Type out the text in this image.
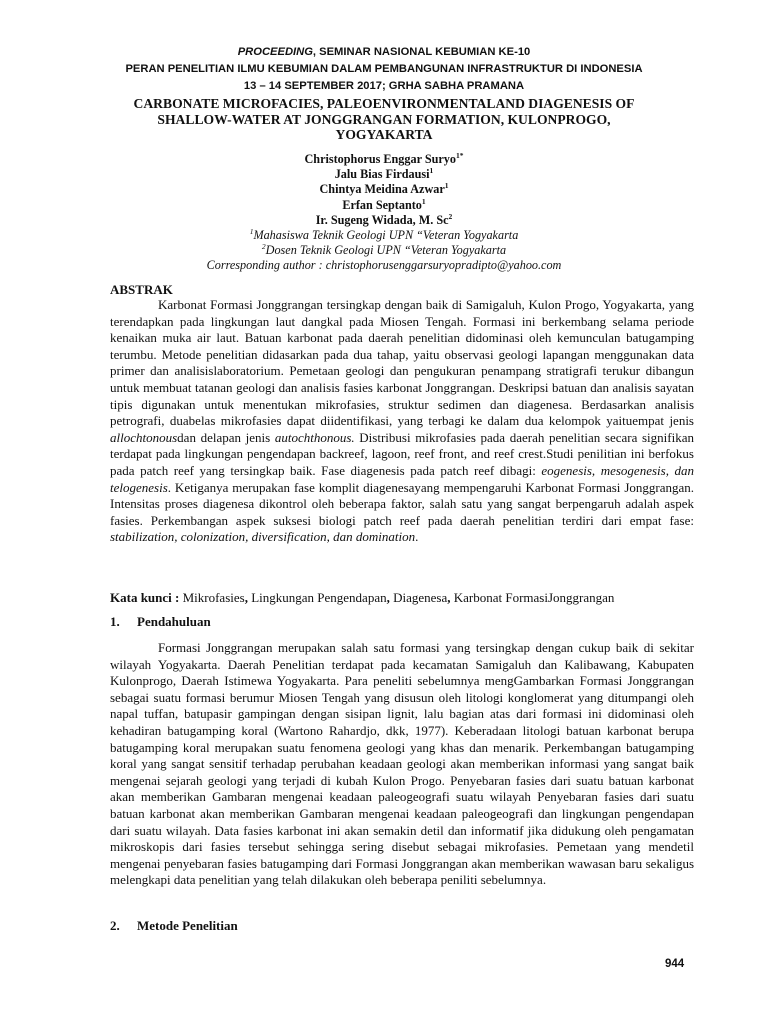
PROCEEDING, SEMINAR NASIONAL KEBUMIAN KE-10
PERAN PENELITIAN ILMU KEBUMIAN DALAM PEMBANGUNAN INFRASTRUKTUR DI INDONESIA
13 – 14 SEPTEMBER 2017; GRHA SABHA PRAMANA
CARBONATE MICROFACIES, PALEOENVIRONMENTALAND DIAGENESIS OF
SHALLOW-WATER AT JONGGRANGAN FORMATION, KULONPROGO,
YOGYAKARTA
Christophorus Enggar Suryo$^{1*}$
Jalu Bias Firdausi$^1$
Chintya Meidina Azwar$^1$
Erfan Septanto$^1$
Ir. Sugeng Widada, M. Sc$^2$
$^1$Mahasiswa Teknik Geologi UPN “Veteran Yogyakarta
$^2$Dosen Teknik Geologi UPN “Veteran Yogyakarta
Corresponding author : christophorusenggarsuryopradipto@yahoo.com
ABSTRAK

Karbonat Formasi Jonggrangan tersingkap dengan baik di Samigaluh, Kulon Progo, Yogyakarta, yang terendapkan pada lingkungan laut dangkal pada Miosen Tengah. Formasi ini berkembang selama periode kenaikan muka air laut. Batuan karbonat pada daerah penelitian didominasi oleh kemunculan batugamping terumbu. Metode penelitian didasarkan pada dua tahap, yaitu observasi geologi lapangan menggunakan data primer dan analisislaboratorium. Pemetaan geologi dan pengukuran penampang stratigrafi terukur dibangun untuk membuat tatanan geologi dan analisis fasies karbonat Jonggrangan. Deskripsi batuan dan analisis sayatan tipis digunakan untuk menentukan mikrofasies, struktur sedimen dan diagenesa. Berdasarkan analisis petrografi, duabelas mikrofasies dapat diidentifikasi, yang terbagi ke dalam dua kelompok yaituempat jenis allochtonousdan delapan jenis autochthonous. Distribusi mikrofasies pada daerah penelitian secara signifikan terdapat pada lingkungan pengendapan backreef, lagoon, reef front, and reef crest.Studi penilitian ini berfokus pada patch reef yang tersingkap baik. Fase diagenesis pada patch reef dibagi: eogenesis, mesogenesis, dan telogenesis. Ketiganya merupakan fase komplit diagenesayang mempengaruhi Karbonat Formasi Jonggrangan. Intensitas proses diagenesa dikontrol oleh beberapa faktor, salah satu yang sangat berpengaruh adalah aspek fasies. Perkembangan aspek suksesi biologi patch reef pada daerah penelitian terdiri dari empat fase: stabilization, colonization, diversification, dan domination.

Kata kunci : Mikrofasies, Lingkungan Pengendapan, Diagenesa, Karbonat FormasiJonggrangan
1. Pendahuluan

Formasi Jonggrangan merupakan salah satu formasi yang tersingkap dengan cukup baik di sekitar wilayah Yogyakarta. Daerah Penelitian terdapat pada kecamatan Samigaluh dan Kalibawang, Kabupaten Kulonprogo, Daerah Istimewa Yogyakarta. Para peneliti sebelumnya mengGambarkan Formasi Jonggrangan sebagai suatu formasi berumur Miosen Tengah yang disusun oleh litologi konglomerat yang ditumpangi oleh napal tuffan, batupasir gampingan dengan sisipan lignit, lalu bagian atas dari formasi ini didominasi oleh kehadiran batugamping koral (Wartono Rahardjo, dkk, 1977). Keberadaan litologi batuan karbonat berupa batugamping koral merupakan suatu fenomena geologi yang khas dan menarik. Perkembangan batugamping koral yang sangat sensitif terhadap perubahan keadaan geologi akan memberikan informasi yang sangat baik mengenai sejarah geologi yang terjadi di kubah Kulon Progo. Penyebaran fasies dari suatu batuan karbonat akan memberikan Gambaran mengenai keadaan paleogeografi suatu wilayah Penyebaran fasies dari suatu batuan karbonat akan memberikan Gambaran mengenai keadaan paleogeografi dan lingkungan pengendapan dari suatu wilayah. Data fasies karbonat ini akan semakin detil dan informatif jika didukung oleh pengamatan mikroskopis dari fasies tersebut sehingga sering disebut sebagai mikrofasies. Pemetaan yang mendetil mengenai penyebaran fasies batugamping dari Formasi Jonggrangan akan memberikan wawasan baru sekaligus melengkapi data penelitian yang telah dilakukan oleh beberapa peniliti sebelumnya.

2. Metode Penelitian
944
